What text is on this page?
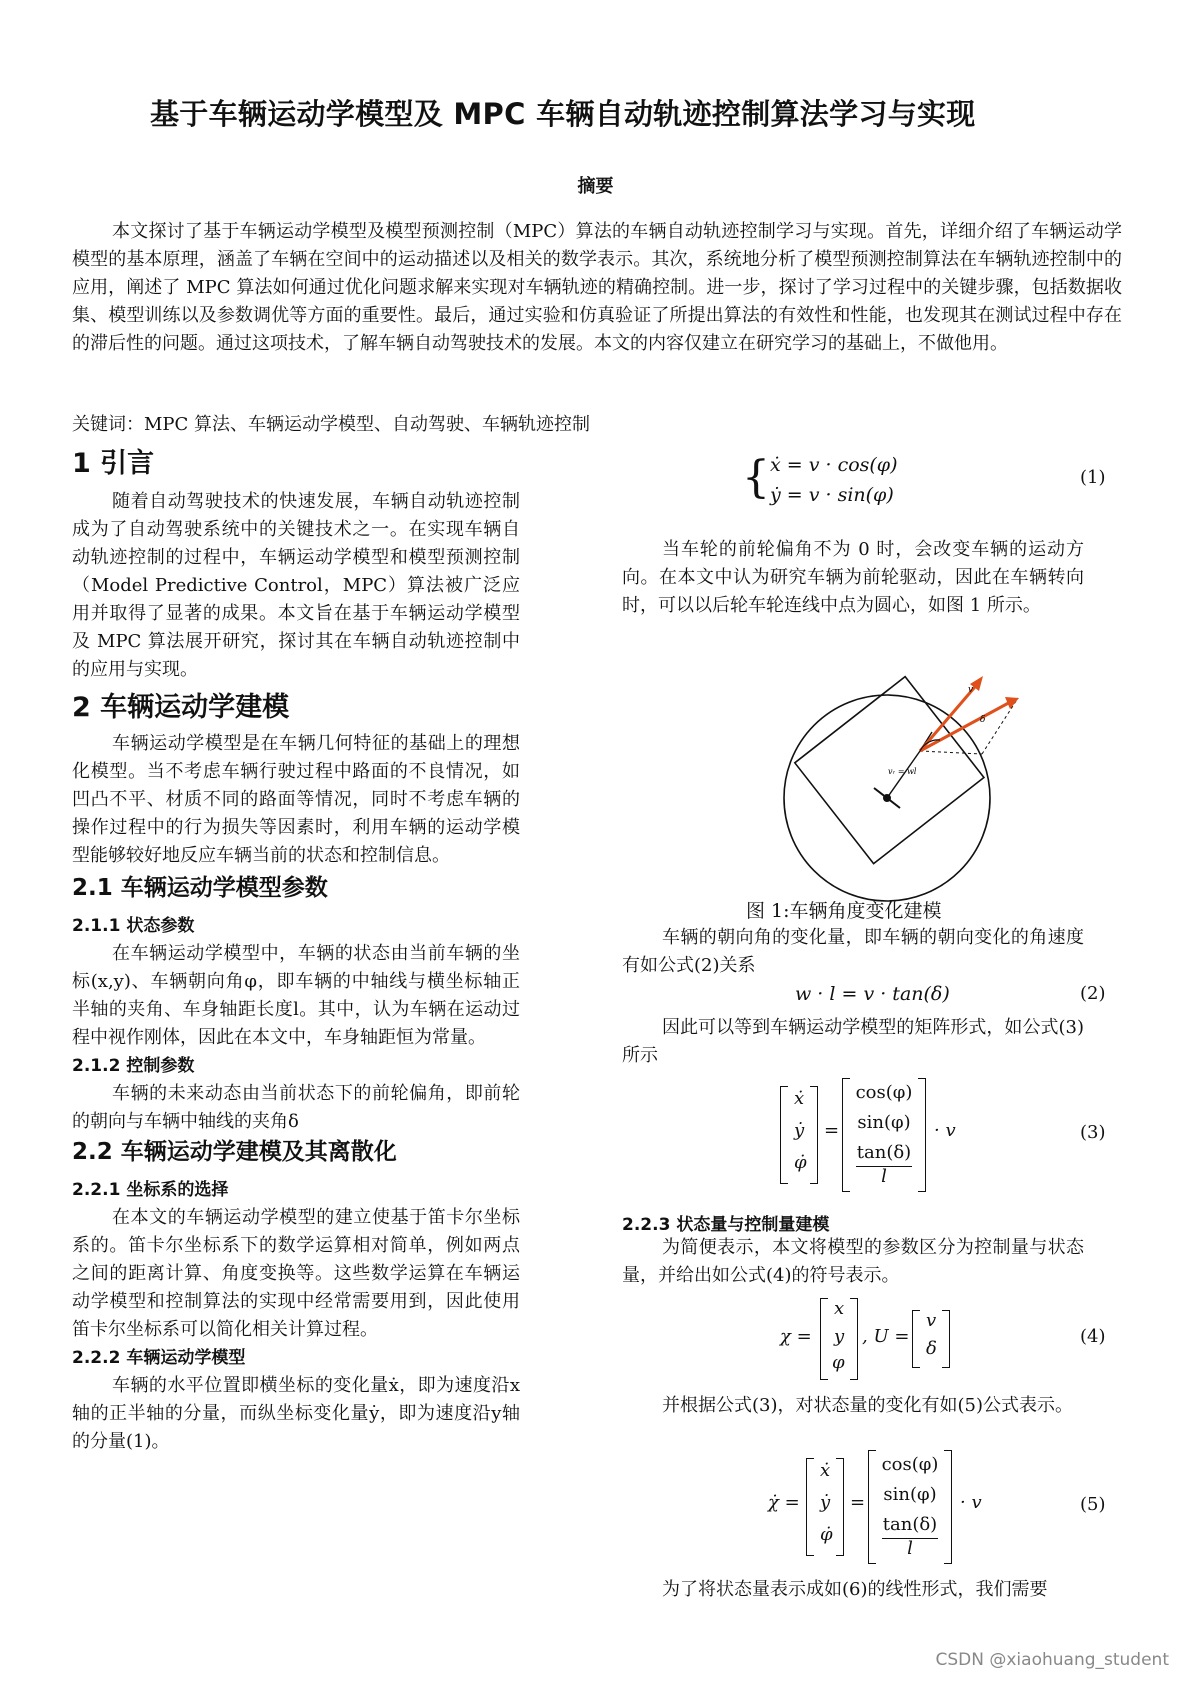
基于车辆运动学模型及 MPC 车辆自动轨迹控制算法学习与实现
摘要

本文探讨了基于车辆运动学模型及模型预测控制（MPC）算法的车辆自动轨迹控制学习与实现。首先，详细介绍了车辆运动学模型的基本原理，涵盖了车辆在空间中的运动描述以及相关的数学表示。其次，系统地分析了模型预测控制算法在车辆轨迹控制中的应用，阐述了 MPC 算法如何通过优化问题求解来实现对车辆轨迹的精确控制。进一步，探讨了学习过程中的关键步骤，包括数据收集、模型训练以及参数调优等方面的重要性。最后，通过实验和仿真验证了所提出算法的有效性和性能，也发现其在测试过程中存在的滞后性的问题。通过这项技术，了解车辆自动驾驶技术的发展。本文的内容仅建立在研究学习的基础上，不做他用。

关键词：MPC 算法、车辆运动学模型、自动驾驶、车辆轨迹控制
1 引言

随着自动驾驶技术的快速发展，车辆自动轨迹控制成为了自动驾驶系统中的关键技术之一。在实现车辆自动轨迹控制的过程中，车辆运动学模型和模型预测控制（Model Predictive Control，MPC）算法被广泛应用并取得了显著的成果。本文旨在基于车辆运动学模型及 MPC 算法展开研究，探讨其在车辆自动轨迹控制中的应用与实现。

2 车辆运动学建模

车辆运动学模型是在车辆几何特征的基础上的理想化模型。当不考虑车辆行驶过程中路面的不良情况，如凹凸不平、材质不同的路面等情况，同时不考虑车辆的操作过程中的行为损失等因素时，利用车辆的运动学模型能够较好地反应车辆当前的状态和控制信息。

2.1 车辆运动学模型参数
2.1.1 状态参数

在车辆运动学模型中，车辆的状态由当前车辆的坐标(x,y)、车辆朝向角φ，即车辆的中轴线与横坐标轴正半轴的夹角、车身轴距长度l。其中，认为车辆在运动过程中视作刚体，因此在本文中，车身轴距恒为常量。

2.1.2 控制参数

车辆的未来动态由当前状态下的前轮偏角，即前轮的朝向与车辆中轴线的夹角δ

2.2 车辆运动学建模及其离散化
2.2.1 坐标系的选择

在本文的车辆运动学模型的建立使基于笛卡尔坐标系的。笛卡尔坐标系下的数学运算相对简单，例如两点之间的距离计算、角度变换等。这些数学运算在车辆运动学模型和控制算法的实现中经常需要用到，因此使用笛卡尔坐标系可以简化相关计算过程。

2.2.2 车辆运动学模型

车辆的水平位置即横坐标的变化量ẋ，即为速度沿x轴的正半轴的分量，而纵坐标变化量ẏ，即为速度沿y轴的分量(1)。

{ ẋ = v · cos(φ)
ẏ = v · sin(φ)
(1)

当车轮的前轮偏角不为 0 时，会改变车辆的运动方向。在本文中认为研究车辆为前轮驱动，因此在车辆转向时，可以以后轮车轮连线中点为圆心，如图 1 所示。

v
δ
vᵣ = wl
图 1:车辆角度变化建模

车辆的朝向角的变化量，即车辆的朝向变化的角速度有如公式(2)关系

w · l = v · tan(δ)	(2)

因此可以等到车辆运动学模型的矩阵形式，如公式(3)所示

ẋ
ẏ
φ̇
=
cos(φ)
sin(φ)
tan(δ)
l
· v	(3)
2.2.3 状态量与控制量建模

为简便表示，本文将模型的参数区分为控制量与状态量，并给出如公式(4)的符号表示。

χ =
x
y
φ
, U =
v
δ
(4)

并根据公式(3)，对状态量的变化有如(5)公式表示。

χ̇ =
ẋ
ẏ
φ̇
=
cos(φ)
sin(φ)
tan(δ)
l
· v	(5)

为了将状态量表示成如(6)的线性形式，我们需要

CSDN @xiaohuang_student
